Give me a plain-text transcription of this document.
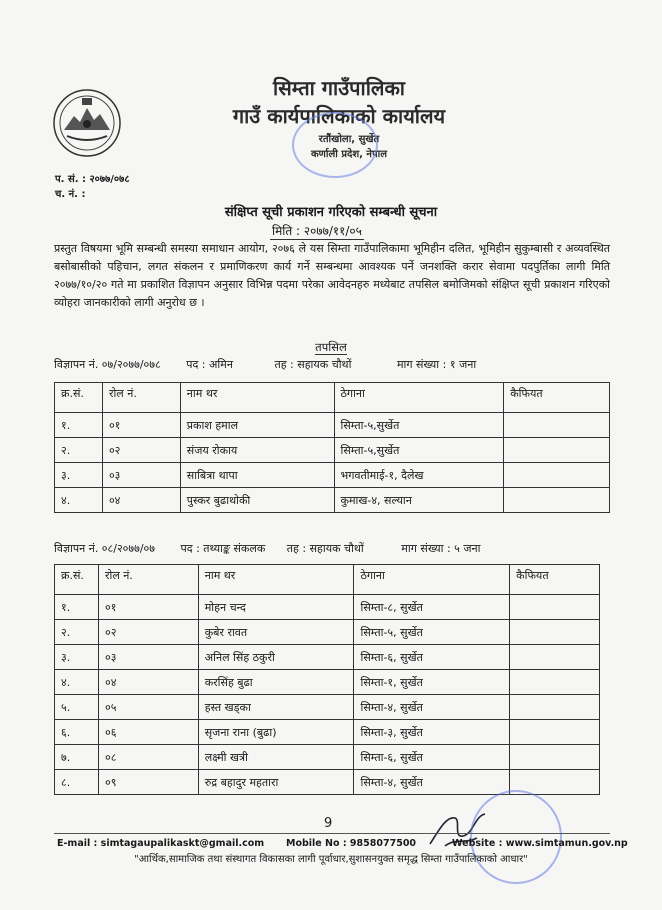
सिम्ता गाउँपालिका
गाउँ कार्यपालिकाको कार्यालय
रतौंखोला, सुर्खेत
कर्णाली प्रदेश, नेपाल
प. सं. : २०७७/०७८
च. नं. :
संक्षिप्त सूची प्रकाशन गरिएको सम्बन्धी सूचना
मिति : २०७७/११/०५
प्रस्तुत विषयमा भूमि सम्बन्धी समस्या समाधान आयोग, २०७६ ले यस सिम्ता गाउँपालिकामा भूमिहीन दलित, भूमिहीन सुकुम्बासी र अव्यवस्थित बसोबासीको पहिचान, लगत संकलन र प्रमाणिकरण कार्य गर्ने सम्बन्धमा आवश्यक पर्ने जनशक्ति करार सेवामा पदपुर्तिका लागी मिति २०७७/१०/२० गते मा प्रकाशित विज्ञापन अनुसार विभिन्न पदमा परेका आवेदनहरु मध्येबाट तपसिल बमोजिमको संक्षिप्त सूची प्रकाशन गरिएको व्योहरा जानकारीको लागी अनुरोध छ ।
तपसिल
विज्ञापन नं. ०७/२०७७/०७८ पद : अमिन	तह : सहायक चौथों	माग संख्या : १ जना
क्र.सं.	रोल नं.	नाम थर	ठेगाना	कैफियत
१.	०१	प्रकाश हमाल	सिम्ता-५,सुर्खेत	
२.	०२	संजय रोकाय	सिम्ता-५,सुर्खेत	
३.	०३	साबित्रा थापा	भगवतीमाई-१, दैलेख	
४.	०४	पुस्कर बुढाथोकी	कुमाख-४, सल्यान	
विज्ञापन नं. ०८/२०७७/०७ पद : तथ्याङ्क संकलक तह : सहायक चौथों	माग संख्या : ५ जना
क्र.सं.	रोल नं.	नाम थर	ठेगाना	कैफियत
१.	०१	मोहन चन्द	सिम्ता-८, सुर्खेत	
२.	०२	कुबेर रावत	सिम्ता-५, सुर्खेत	
३.	०३	अनिल सिंह ठकुरी	सिम्ता-६, सुर्खेत	
४.	०४	करसिंह बुढा	सिम्ता-१, सुर्खेत	
५.	०५	हस्त खड्का	सिम्ता-४, सुर्खेत	
६.	०६	सृजना राना (बुढा)	सिम्ता-३, सुर्खेत	
७.	०८	लक्ष्मी खत्री	सिम्ता-६, सुर्खेत	
८.	०९	रुद्र बहादुर महतारा	सिम्ता-४, सुर्खेत	
9
E-mail : simtagaupalikaskt@gmail.com Mobile No : 9858077500	Website : www.simtamun.gov.np
"आर्थिक,सामाजिक तथा संस्थागत विकासका लागी पूर्वाधार,सुशासनयुक्त समृद्ध सिम्ता गाउँपालिकाको आधार"
